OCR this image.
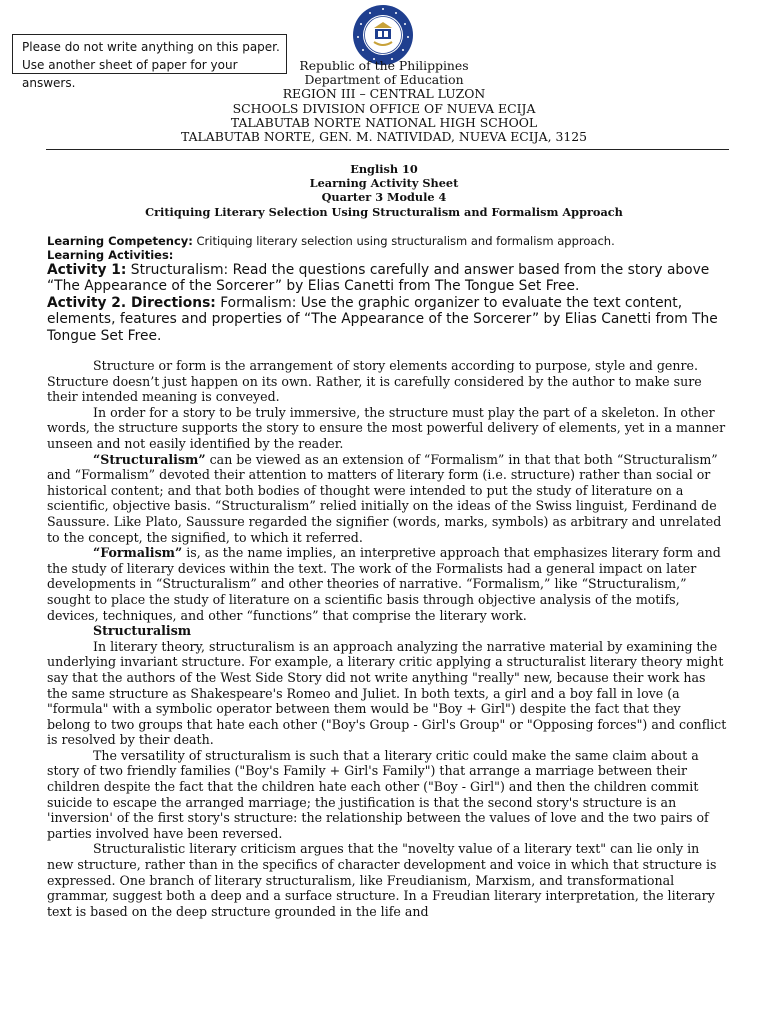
Please do not write anything on this paper.
Use another sheet of paper for your answers.
Republic of the Philippines
Department of Education
REGION III – CENTRAL LUZON
SCHOOLS DIVISION OFFICE OF NUEVA ECIJA
TALABUTAB NORTE NATIONAL HIGH SCHOOL
TALABUTAB NORTE, GEN. M. NATIVIDAD, NUEVA ECIJA, 3125
English 10
Learning Activity Sheet
Quarter 3 Module 4
Critiquing Literary Selection Using Structuralism and Formalism Approach

Learning Competency: Critiquing literary selection using structuralism and formalism approach.

Learning Activities:

Activity 1: Structuralism: Read the questions carefully and answer based from the story above “The Appearance of the Sorcerer” by Elias Canetti from The Tongue Set Free.

Activity 2. Directions: Formalism: Use the graphic organizer to evaluate the text content, elements, features and properties of “The Appearance of the Sorcerer” by Elias Canetti from The Tongue Set Free.

Structure or form is the arrangement of story elements according to purpose, style and genre. Structure doesn’t just happen on its own. Rather, it is carefully considered by the author to make sure their intended meaning is conveyed.

In order for a story to be truly immersive, the structure must play the part of a skeleton. In other words, the structure supports the story to ensure the most powerful delivery of elements, yet in a manner unseen and not easily identified by the reader.

“Structuralism” can be viewed as an extension of “Formalism” in that that both “Structuralism” and “Formalism” devoted their attention to matters of literary form (i.e. structure) rather than social or historical content; and that both bodies of thought were intended to put the study of literature on a scientific, objective basis. “Structuralism” relied initially on the ideas of the Swiss linguist, Ferdinand de Saussure. Like Plato, Saussure regarded the signifier (words, marks, symbols) as arbitrary and unrelated to the concept, the signified, to which it referred.

“Formalism” is, as the name implies, an interpretive approach that emphasizes literary form and the study of literary devices within the text. The work of the Formalists had a general impact on later developments in “Structuralism” and other theories of narrative. “Formalism,” like “Structuralism,” sought to place the study of literature on a scientific basis through objective analysis of the motifs, devices, techniques, and other “functions” that comprise the literary work.

Structuralism

In literary theory, structuralism is an approach analyzing the narrative material by examining the underlying invariant structure. For example, a literary critic applying a structuralist literary theory might say that the authors of the West Side Story did not write anything "really" new, because their work has the same structure as Shakespeare's Romeo and Juliet. In both texts, a girl and a boy fall in love (a "formula" with a symbolic operator between them would be "Boy + Girl") despite the fact that they belong to two groups that hate each other ("Boy's Group - Girl's Group" or "Opposing forces") and conflict is resolved by their death.

The versatility of structuralism is such that a literary critic could make the same claim about a story of two friendly families ("Boy's Family + Girl's Family") that arrange a marriage between their children despite the fact that the children hate each other ("Boy - Girl") and then the children commit suicide to escape the arranged marriage; the justification is that the second story's structure is an 'inversion' of the first story's structure: the relationship between the values of love and the two pairs of parties involved have been reversed.

Structuralistic literary criticism argues that the "novelty value of a literary text" can lie only in new structure, rather than in the specifics of character development and voice in which that structure is expressed. One branch of literary structuralism, like Freudianism, Marxism, and transformational grammar, suggest both a deep and a surface structure. In a Freudian literary interpretation, the literary text is based on the deep structure grounded in the life and
